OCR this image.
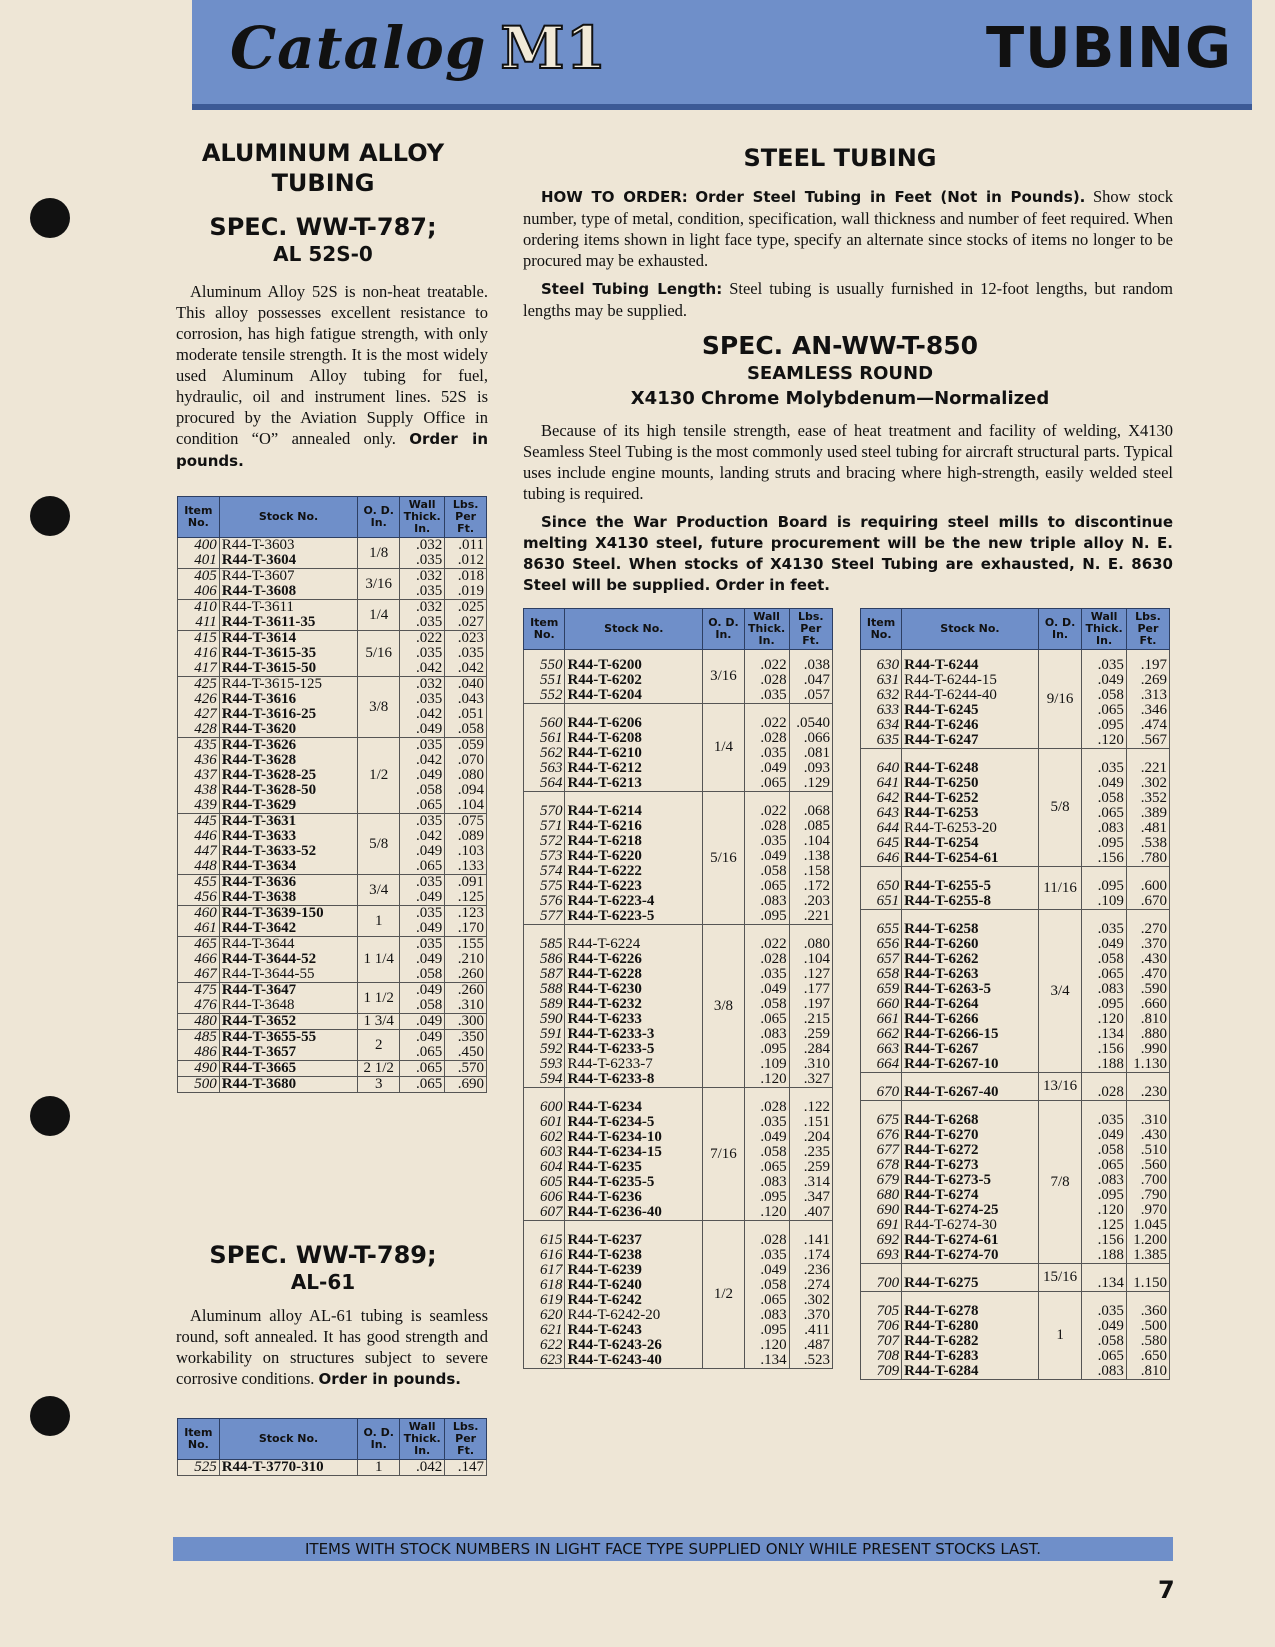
Catalog M1	TUBING
ALUMINUM ALLOY
TUBING
SPEC. WW-T-787;
AL 52S-0
Aluminum Alloy 52S is non-heat treatable. This alloy possesses excellent resistance to corrosion, has high fatigue strength, with only moderate tensile strength. It is the most widely used Aluminum Alloy tubing for fuel, hydraulic, oil and instrument lines. 52S is procured by the Aviation Supply Office in condition “O” annealed only. Order in pounds.
Item No.	Stock No.	O. D. In.	Wall Thick. In.	Lbs. Per Ft.
400	R44-T-3603	1/8	.032	.011
401	R44-T-3604		.035	.012
405	R44-T-3607	3/16	.032	.018
406	R44-T-3608		.035	.019
410	R44-T-3611	1/4	.032	.025
411	R44-T-3611-35		.035	.027
415	R44-T-3614	5/16	.022	.023
416	R44-T-3615-35		.035	.035
417	R44-T-3615-50		.042	.042
425	R44-T-3615-125	3/8	.032	.040
426	R44-T-3616		.035	.043
427	R44-T-3616-25		.042	.051
428	R44-T-3620		.049	.058
435	R44-T-3626	1/2	.035	.059
436	R44-T-3628		.042	.070
437	R44-T-3628-25		.049	.080
438	R44-T-3628-50		.058	.094
439	R44-T-3629		.065	.104
445	R44-T-3631	5/8	.035	.075
446	R44-T-3633		.042	.089
447	R44-T-3633-52		.049	.103
448	R44-T-3634		.065	.133
455	R44-T-3636	3/4	.035	.091
456	R44-T-3638		.049	.125
460	R44-T-3639-150	1	.035	.123
461	R44-T-3642		.049	.170
465	R44-T-3644	1 1/4	.035	.155
466	R44-T-3644-52		.049	.210
467	R44-T-3644-55		.058	.260
475	R44-T-3647	1 1/2	.049	.260
476	R44-T-3648		.058	.310
480	R44-T-3652	1 3/4	.049	.300
485	R44-T-3655-55	2	.049	.350
486	R44-T-3657		.065	.450
490	R44-T-3665	2 1/2	.065	.570
500	R44-T-3680	3	.065	.690
SPEC. WW-T-789;
AL-61
Aluminum alloy AL-61 tubing is seamless round, soft annealed. It has good strength and workability on structures subject to severe corrosive conditions. Order in pounds.
Item No.	Stock No.	O. D. In.	Wall Thick. In.	Lbs. Per Ft.
525	R44-T-3770-310	1	.042	.147
STEEL TUBING
HOW TO ORDER: Order Steel Tubing in Feet (Not in Pounds). Show stock number, type of metal, condition, specification, wall thickness and number of feet required. When ordering items shown in light face type, specify an alternate since stocks of items no longer to be procured may be exhausted.
Steel Tubing Length: Steel tubing is usually furnished in 12-foot lengths, but random lengths may be supplied.
SPEC. AN-WW-T-850
SEAMLESS ROUND
X4130 Chrome Molybdenum—Normalized
Because of its high tensile strength, ease of heat treatment and facility of welding, X4130 Seamless Steel Tubing is the most commonly used steel tubing for aircraft structural parts. Typical uses include engine mounts, landing struts and bracing where high-strength, easily welded steel tubing is required.
Since the War Production Board is requiring steel mills to discontinue melting X4130 steel, future procurement will be the new triple alloy N. E. 8630 Steel. When stocks of X4130 Steel Tubing are exhausted, N. E. 8630 Steel will be supplied. Order in feet.
Item No.	Stock No.	O. D. In.	Wall Thick. In.	Lbs. Per Ft.
		3/16		
550	R44-T-6200		.022	.038
551	R44-T-6202		.028	.047
552	R44-T-6204		.035	.057
		1/4		
560	R44-T-6206		.022	.0540
561	R44-T-6208		.028	.066
562	R44-T-6210		.035	.081
563	R44-T-6212		.049	.093
564	R44-T-6213		.065	.129
		5/16		
570	R44-T-6214		.022	.068
571	R44-T-6216		.028	.085
572	R44-T-6218		.035	.104
573	R44-T-6220		.049	.138
574	R44-T-6222		.058	.158
575	R44-T-6223		.065	.172
576	R44-T-6223-4		.083	.203
577	R44-T-6223-5		.095	.221
		3/8		
585	R44-T-6224		.022	.080
586	R44-T-6226		.028	.104
587	R44-T-6228		.035	.127
588	R44-T-6230		.049	.177
589	R44-T-6232		.058	.197
590	R44-T-6233		.065	.215
591	R44-T-6233-3		.083	.259
592	R44-T-6233-5		.095	.284
593	R44-T-6233-7		.109	.310
594	R44-T-6233-8		.120	.327
		7/16		
600	R44-T-6234		.028	.122
601	R44-T-6234-5		.035	.151
602	R44-T-6234-10		.049	.204
603	R44-T-6234-15		.058	.235
604	R44-T-6235		.065	.259
605	R44-T-6235-5		.083	.314
606	R44-T-6236		.095	.347
607	R44-T-6236-40		.120	.407
		1/2		
615	R44-T-6237		.028	.141
616	R44-T-6238		.035	.174
617	R44-T-6239		.049	.236
618	R44-T-6240		.058	.274
619	R44-T-6242		.065	.302
620	R44-T-6242-20		.083	.370
621	R44-T-6243		.095	.411
622	R44-T-6243-26		.120	.487
623	R44-T-6243-40		.134	.523
Item No.	Stock No.	O. D. In.	Wall Thick. In.	Lbs. Per Ft.
		9/16		
630	R44-T-6244		.035	.197
631	R44-T-6244-15		.049	.269
632	R44-T-6244-40		.058	.313
633	R44-T-6245		.065	.346
634	R44-T-6246		.095	.474
635	R44-T-6247		.120	.567
		5/8		
640	R44-T-6248		.035	.221
641	R44-T-6250		.049	.302
642	R44-T-6252		.058	.352
643	R44-T-6253		.065	.389
644	R44-T-6253-20		.083	.481
645	R44-T-6254		.095	.538
646	R44-T-6254-61		.156	.780
		11/16		
650	R44-T-6255-5		.095	.600
651	R44-T-6255-8		.109	.670
		3/4		
655	R44-T-6258		.035	.270
656	R44-T-6260		.049	.370
657	R44-T-6262		.058	.430
658	R44-T-6263		.065	.470
659	R44-T-6263-5		.083	.590
660	R44-T-6264		.095	.660
661	R44-T-6266		.120	.810
662	R44-T-6266-15		.134	.880
663	R44-T-6267		.156	.990
664	R44-T-6267-10		.188	1.130
		13/16		
670	R44-T-6267-40		.028	.230
		7/8		
675	R44-T-6268		.035	.310
676	R44-T-6270		.049	.430
677	R44-T-6272		.058	.510
678	R44-T-6273		.065	.560
679	R44-T-6273-5		.083	.700
680	R44-T-6274		.095	.790
690	R44-T-6274-25		.120	.970
691	R44-T-6274-30		.125	1.045
692	R44-T-6274-61		.156	1.200
693	R44-T-6274-70		.188	1.385
		15/16		
700	R44-T-6275		.134	1.150
		1		
705	R44-T-6278		.035	.360
706	R44-T-6280		.049	.500
707	R44-T-6282		.058	.580
708	R44-T-6283		.065	.650
709	R44-T-6284		.083	.810
ITEMS WITH STOCK NUMBERS IN LIGHT FACE TYPE SUPPLIED ONLY WHILE PRESENT STOCKS LAST.
7
